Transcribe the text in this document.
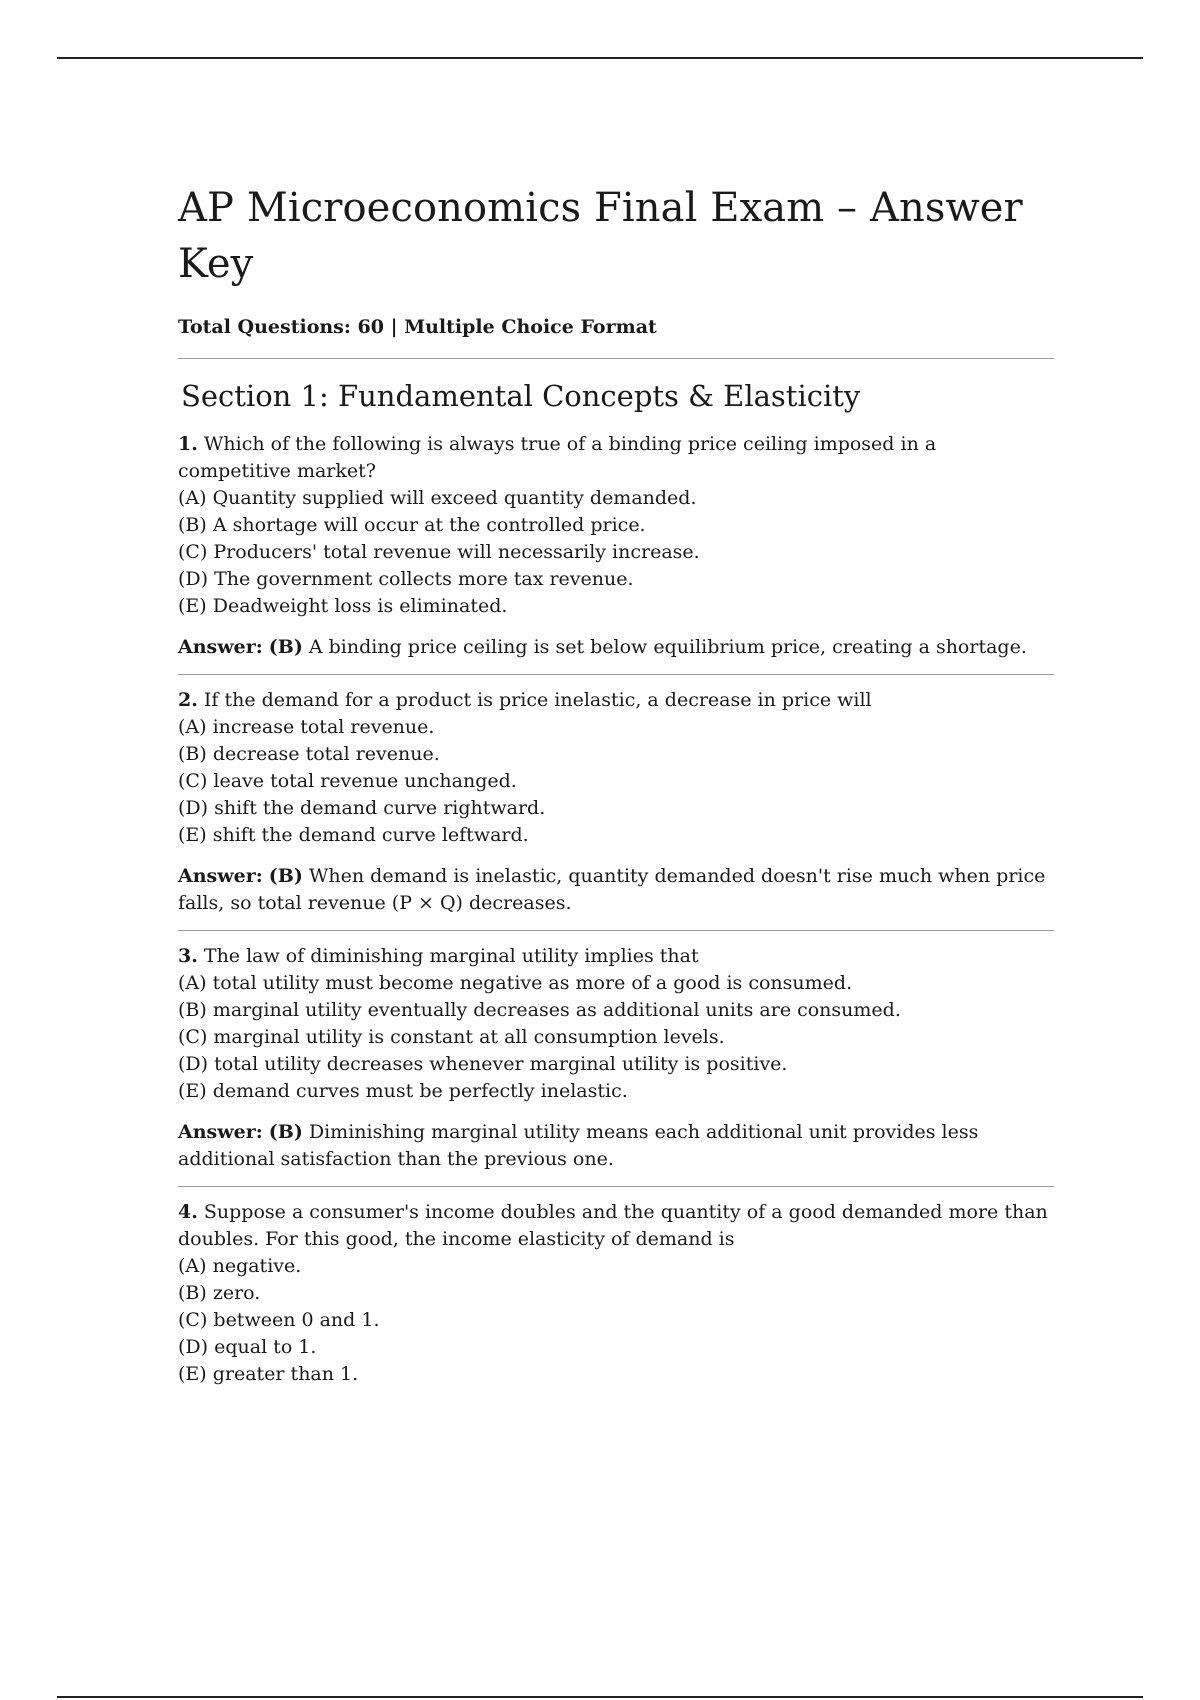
AP Microeconomics Final Exam – Answer Key

Total Questions: 60 | Multiple Choice Format

Section 1: Fundamental Concepts & Elasticity

1. Which of the following is always true of a binding price ceiling imposed in a competitive market?

(A) Quantity supplied will exceed quantity demanded.

(B) A shortage will occur at the controlled price.

(C) Producers' total revenue will necessarily increase.

(D) The government collects more tax revenue.

(E) Deadweight loss is eliminated.

Answer: (B) A binding price ceiling is set below equilibrium price, creating a shortage.

2. If the demand for a product is price inelastic, a decrease in price will

(A) increase total revenue.

(B) decrease total revenue.

(C) leave total revenue unchanged.

(D) shift the demand curve rightward.

(E) shift the demand curve leftward.

Answer: (B) When demand is inelastic, quantity demanded doesn't rise much when price falls, so total revenue (P × Q) decreases.

3. The law of diminishing marginal utility implies that

(A) total utility must become negative as more of a good is consumed.

(B) marginal utility eventually decreases as additional units are consumed.

(C) marginal utility is constant at all consumption levels.

(D) total utility decreases whenever marginal utility is positive.

(E) demand curves must be perfectly inelastic.

Answer: (B) Diminishing marginal utility means each additional unit provides less additional satisfaction than the previous one.

4. Suppose a consumer's income doubles and the quantity of a good demanded more than doubles. For this good, the income elasticity of demand is

(A) negative.

(B) zero.

(C) between 0 and 1.

(D) equal to 1.

(E) greater than 1.
